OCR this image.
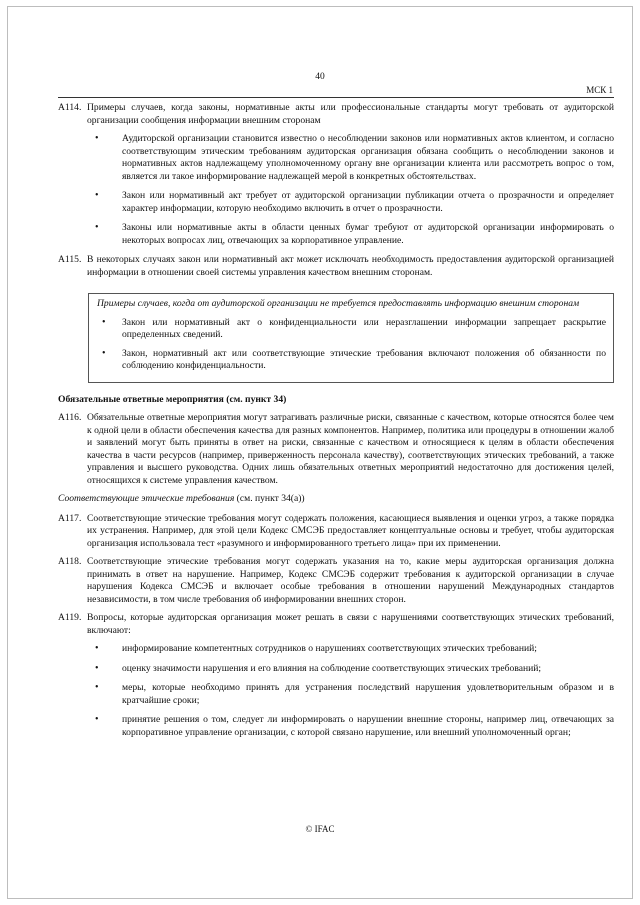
40
МСК 1

A114. Примеры случаев, когда законы, нормативные акты или профессиональные стандарты могут требовать от аудиторской организации сообщения информации внешним сторонам

• Аудиторской организации становится известно о несоблюдении законов или нормативных актов клиентом, и согласно соответствующим этическим требованиям аудиторская организация обязана сообщить о несоблюдении законов и нормативных актов надлежащему уполномоченному органу вне организации клиента или рассмотреть вопрос о том, является ли такое информирование надлежащей мерой в конкретных обстоятельствах.
• Закон или нормативный акт требует от аудиторской организации публикации отчета о прозрачности и определяет характер информации, которую необходимо включить в отчет о прозрачности.
• Законы или нормативные акты в области ценных бумаг требуют от аудиторской организации информировать о некоторых вопросах лиц, отвечающих за корпоративное управление.

A115. В некоторых случаях закон или нормативный акт может исключать необходимость предоставления аудиторской организацией информации в отношении своей системы управления качеством внешним сторонам.

Примеры случаев, когда от аудиторской организации не требуется предоставлять информацию внешним сторонам
• Закон или нормативный акт о конфиденциальности или неразглашении информации запрещает раскрытие определенных сведений.
• Закон, нормативный акт или соответствующие этические требования включают положения об обязанности по соблюдению конфиденциальности.
Обязательные ответные мероприятия (см. пункт 34)

A116. Обязательные ответные мероприятия могут затрагивать различные риски, связанные с качеством, которые относятся более чем к одной цели в области обеспечения качества для разных компонентов. Например, политика или процедуры в отношении жалоб и заявлений могут быть приняты в ответ на риски, связанные с качеством и относящиеся к целям в области обеспечения качества в части ресурсов (например, приверженность персонала качеству), соответствующих этических требований, а также управления и высшего руководства. Одних лишь обязательных ответных мероприятий недостаточно для достижения целей, относящихся к системе управления качеством.

Соответствующие этические требования (см. пункт 34(a))

A117. Соответствующие этические требования могут содержать положения, касающиеся выявления и оценки угроз, а также порядка их устранения. Например, для этой цели Кодекс СМСЭБ предоставляет концептуальные основы и требует, чтобы аудиторская организация использовала тест «разумного и информированного третьего лица» при их применении.

A118. Соответствующие этические требования могут содержать указания на то, какие меры аудиторская организация должна принимать в ответ на нарушение. Например, Кодекс СМСЭБ содержит требования к аудиторской организации в случае нарушения Кодекса СМСЭБ и включает особые требования в отношении нарушений Международных стандартов независимости, в том числе требования об информировании внешних сторон.

A119. Вопросы, которые аудиторская организация может решать в связи с нарушениями соответствующих этических требований, включают:

• информирование компетентных сотрудников о нарушениях соответствующих этических требований;
• оценку значимости нарушения и его влияния на соблюдение соответствующих этических требований;
• меры, которые необходимо принять для устранения последствий нарушения удовлетворительным образом и в кратчайшие сроки;
• принятие решения о том, следует ли информировать о нарушении внешние стороны, например лиц, отвечающих за корпоративное управление организации, с которой связано нарушение, или внешний уполномоченный орган;
© IFAC
